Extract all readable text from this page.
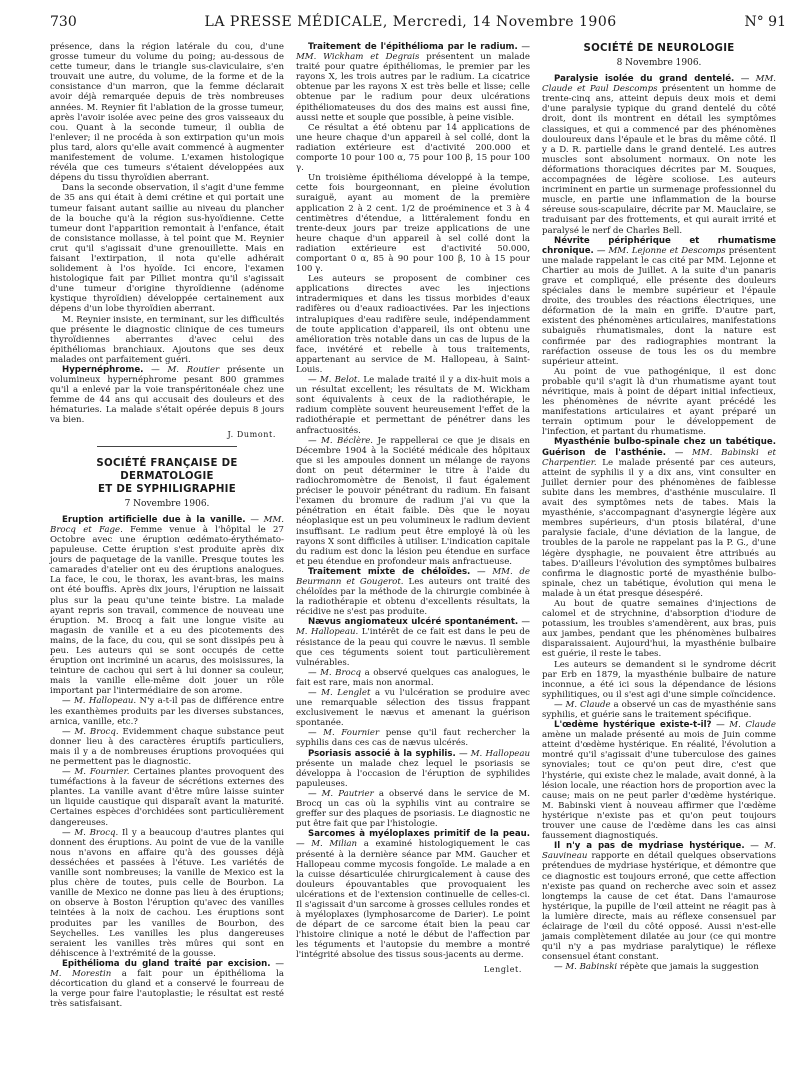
730	LA PRESSE MÉDICALE, Mercredi, 14 Novembre 1906	N° 91

présence, dans la région latérale du cou, d'une grosse tumeur du volume du poing; au-dessous de cette tumeur, dans le triangle sus-claviculaire, s'en trouvait une autre, du volume, de la forme et de la consistance d'un marron, que la femme déclarait avoir déjà remarquée depuis de très nombreuses années. M. Reynier fit l'ablation de la grosse tumeur, après l'avoir isolée avec peine des gros vaisseaux du cou. Quant à la seconde tumeur, il oublia de l'enlever; il ne procéda à son extirpation qu'un mois plus tard, alors qu'elle avait commencé à augmenter manifestement de volume. L'examen histologique révéla que ces tumeurs s'étaient développées aux dépens du tissu thyroïdien aberrant.

Dans la seconde observation, il s'agit d'une femme de 35 ans qui était à demi crétine et qui portait une tumeur faisant autant saillie au niveau du plancher de la bouche qu'à la région sus-hyoïdienne. Cette tumeur dont l'apparition remontait à l'enfance, était de consistance mollasse, à tel point que M. Reynier crut qu'il s'agissait d'une grenouillette. Mais en faisant l'extirpation, il nota qu'elle adhérait solidement à l'os hyoïde. Ici encore, l'examen histologique fait par Pilliet montra qu'il s'agissait d'une tumeur d'origine thyroïdienne (adénome kystique thyroïdien) développée certainement aux dépens d'un lobe thyroïdien aberrant.

M. Reynier insiste, en terminant, sur les difficultés que présente le diagnostic clinique de ces tumeurs thyroïdiennes aberrantes d'avec celui des épithéliomas branchiaux. Ajoutons que ses deux malades ont parfaitement guéri.

Hypernéphrome. — M. Routier présente un volumineux hypernéphrome pesant 800 grammes qu'il a enlevé par la voie transpéritonéale chez une femme de 44 ans qui accusait des douleurs et des hématuries. La malade s'était opérée depuis 8 jours va bien.

J. Dumont.
SOCIÉTÉ FRANÇAISE DE DERMATOLOGIE
ET DE SYPHILIGRAPHIE
7 Novembre 1906.

Eruption artificielle due à la vanille. — MM. Brocq et Fage. Femme venue à l'hôpital le 27 Octobre avec une éruption œdémato-érythémato-papuleuse. Cette éruption s'est produite après dix jours de paquetage de la vanille. Presque toutes les camarades d'atelier ont eu des éruptions analogues. La face, le cou, le thorax, les avant-bras, les mains ont été bouffis. Après dix jours, l'éruption ne laissait plus sur la peau qu'une teinte bistre. La malade ayant repris son travail, commence de nouveau une éruption. M. Brocq a fait une longue visite au magasin de vanille et a eu des picotements des mains, de la face, du cou, qui se sont dissipés peu à peu. Les auteurs qui se sont occupés de cette éruption ont incriminé un acarus, des moisissures, la teinture de cachou qui sert à lui donner sa couleur, mais la vanille elle-même doit jouer un rôle important par l'intermédiaire de son arome.

— M. Hallopeau. N'y a-t-il pas de différence entre les exanthèmes produits par les diverses substances, arnica, vanille, etc.?

— M. Brocq. Evidemment chaque substance peut donner lieu à des caractères éruptifs particuliers, mais il y a de nombreuses éruptions provoquées qui ne permettent pas le diagnostic.

— M. Fournier. Certaines plantes provoquent des tuméfactions à la faveur de sécrétions externes des plantes. La vanille avant d'être mûre laisse suinter un liquide caustique qui disparaît avant la maturité. Certaines espèces d'orchidées sont particulièrement dangereuses.

— M. Brocq. Il y a beaucoup d'autres plantes qui donnent des éruptions. Au point de vue de la vanille nous n'avons en affaire qu'à des gousses déjà desséchées et passées à l'étuve. Les variétés de vanille sont nombreuses; la vanille de Mexico est la plus chère de toutes, puis celle de Bourbon. La vanille de Mexico ne donne pas lieu à des éruptions; on observe à Boston l'éruption qu'avec des vanilles teintées à la noix de cachou. Les éruptions sont produites par les vanilles de Bourbon, des Seychelles. Les vanilles les plus dangereuses seraient les vanilles très mûres qui sont en déhiscence à l'extrémité de la gousse.

Epithélioma du gland traité par excision. — M. Morestin a fait pour un épithélioma la décortication du gland et a conservé le fourreau de la verge pour faire l'autoplastie; le résultat est resté très satisfaisant.

Traitement de l'épithélioma par le radium. — MM. Wickham et Degrais présentent un malade traité pour quatre épithéliomas, le premier par les rayons X, les trois autres par le radium. La cicatrice obtenue par les rayons X est très belle et lisse; celle obtenue par le radium pour deux ulcérations épithéliomateuses du dos des mains est aussi fine, aussi nette et souple que possible, à peine visible.

Ce résultat a été obtenu par 14 applications de une heure chaque d'un appareil à sel collé, dont la radiation extérieure est d'activité 200.000 et comporte 10 pour 100 α, 75 pour 100 β, 15 pour 100 γ.

Un troisième épithélioma développé à la tempe, cette fois bourgeonnant, en pleine évolution suraiguë, ayant au moment de la première application 2 à 2 cent. 1/2 de proéminence et 3 à 4 centimètres d'étendue, a littéralement fondu en trente-deux jours par treize applications de une heure chaque d'un appareil à sel collé dont la radiation extérieure est d'activité 50.000, comportant 0 α, 85 à 90 pour 100 β, 10 à 15 pour 100 γ.

Les auteurs se proposent de combiner ces applications directes avec les injections intradermiques et dans les tissus morbides d'eaux radifères ou d'eaux radioactivées. Par les injections intralupiques d'eau radifère seule, indépendamment de toute application d'appareil, ils ont obtenu une amélioration très notable dans un cas de lupus de la face, invétéré et rebelle à tous traitements, appartenant au service de M. Hallopeau, à Saint-Louis.

— M. Belot. Le malade traité il y a dix-huit mois a un résultat excellent; les résultats de M. Wickham sont équivalents à ceux de la radiothérapie, le radium complète souvent heureusement l'effet de la radiothérapie et permettant de pénétrer dans les anfractuosités.

— M. Béclère. Je rappellerai ce que je disais en Décembre 1904 à la Société médicale des hôpitaux que si les ampoules donnent un mélange de rayons dont on peut déterminer le titre à l'aide du radiochromomètre de Benoist, il faut également préciser le pouvoir pénétrant du radium. En faisant l'examen du bromure de radium j'ai vu que la pénétration en était faible. Dès que le noyau néoplasique est un peu volumineux le radium devient insuffisant. Le radium peut être employé là où les rayons X sont difficiles à utiliser. L'indication capitale du radium est donc la lésion peu étendue en surface et peu étendue en profondeur mais anfractueuse.

Traitement mixte de chéloïdes. — MM. de Beurmann et Gougerot. Les auteurs ont traité des chéloïdes par la méthode de la chirurgie combinée à la radiothérapie et obtenu d'excellents résultats, la récidive ne s'est pas produite.

Nævus angiomateux ulcéré spontanément. — M. Hallopeau. L'intérêt de ce fait est dans le peu de résistance de la peau qui couvre le nævus. Il semble que ces téguments soient tout particulièrement vulnérables.

— M. Brocq a observé quelques cas analogues, le fait est rare, mais non anormal.

— M. Lenglet a vu l'ulcération se produire avec une remarquable sélection des tissus frappant exclusivement le nævus et amenant la guérison spontanée.

— M. Fournier pense qu'il faut rechercher la syphilis dans ces cas de nævus ulcérés.

Psoriasis associé à la syphilis. — M. Hallopeau présente un malade chez lequel le psoriasis se développa à l'occasion de l'éruption de syphilides papuleuses.

— M. Pautrier a observé dans le service de M. Brocq un cas où la syphilis vint au contraire se greffer sur des plaques de psoriasis. Le diagnostic ne put être fait que par l'histologie.

Sarcomes à myéloplaxes primitif de la peau. — M. Milian a examiné histologiquement le cas présenté à la dernière séance par MM. Gaucher et Hallopeau comme mycosis fongoïde. Le malade a en la cuisse désarticulée chirurgicalement à cause des douleurs épouvantables que provoquaient les ulcérations et de l'extension continuelle de celles-ci. Il s'agissait d'un sarcome à grosses cellules rondes et à myéloplaxes (lymphosarcome de Darier). Le point de départ de ce sarcome était bien la peau car l'histoire clinique a noté le début de l'affection par les téguments et l'autopsie du membre a montré l'intégrité absolue des tissus sous-jacents au derme.

Lenglet.
SOCIÉTÉ DE NEUROLOGIE
8 Novembre 1906.

Paralysie isolée du grand dentelé. — MM. Claude et Paul Descomps présentent un homme de trente-cinq ans, atteint depuis deux mois et demi d'une paralysie typique du grand dentelé du côté droit, dont ils montrent en détail les symptômes classiques, et qui a commencé par des phénomènes douloureux dans l'épaule et le bras du même côté. Il y a D. R. partielle dans le grand dentelé. Les autres muscles sont absolument normaux. On note les déformations thoraciques décrites par M. Souques, accompagnées de légère scoliose. Les auteurs incriminent en partie un surmenage professionnel du muscle, en partie une inflammation de la bourse séreuse sous-scapulaire, décrite par M. Mauclaire, se traduisant par des frottements, et qui aurait irrité et paralysé le nerf de Charles Bell.

Névrite périphérique et rhumatisme chronique. — MM. Lejonne et Descomps présentent une malade rappelant le cas cité par MM. Lejonne et Chartier au mois de Juillet. A la suite d'un panaris grave et compliqué, elle présente des douleurs spéciales dans le membre supérieur et l'épaule droite, des troubles des réactions électriques, une déformation de la main en griffe. D'autre part, existent des phénomènes articulaires, manifestations subaiguës rhumatismales, dont la nature est confirmée par des radiographies montrant la raréfaction osseuse de tous les os du membre supérieur atteint.

Au point de vue pathogénique, il est donc probable qu'il s'agit là d'un rhumatisme ayant tout névritique, mais à point de départ initial infectieux, les phénomènes de névrite ayant précédé les manifestations articulaires et ayant préparé un terrain optimum pour le développement de l'infection, et partant du rhumatisme.

Myasthénie bulbo-spinale chez un tabétique. Guérison de l'asthénie. — MM. Babinski et Charpentier. Le malade présenté par ces auteurs, atteint de syphilis il y a dix ans, vint consulter en Juillet dernier pour des phénomènes de faiblesse subite dans les membres, d'asthénie musculaire. Il avait des symptômes nets de tabes. Mais la myasthénie, s'accompagnant d'asynergie légère aux membres supérieurs, d'un ptosis bilatéral, d'une paralysie faciale, d'une déviation de la langue, de troubles de la parole ne rappelant pas la P. G., d'une légère dysphagie, ne pouvaient être attribués au tabes. D'ailleurs l'évolution des symptômes bulbaires confirma le diagnostic porté de myasthénie bulbo-spinale, chez un tabétique, évolution qui mena le malade à un état presque désespéré.

Au bout de quatre semaines d'injections de calomel et de strychnine, d'absorption d'iodure de potassium, les troubles s'amendèrent, aux bras, puis aux jambes, pendant que les phénomènes bulbaires disparaissaient. Aujourd'hui, la myasthénie bulbaire est guérie, il reste le tabes.

Les auteurs se demandent si le syndrome décrit par Erb en 1879, la myasthénie bulbaire de nature inconnue, a été ici sous la dépendance de lésions syphilitiques, ou il s'est agi d'une simple coïncidence.

— M. Claude a observé un cas de myasthénie sans syphilis, et guérie sans le traitement spécifique.

L'œdème hystérique existe-t-il? — M. Claude amène un malade présenté au mois de Juin comme atteint d'œdème hystérique. En réalité, l'évolution a montré qu'il s'agissait d'une tuberculose des gaines synoviales; tout ce qu'on peut dire, c'est que l'hystérie, qui existe chez le malade, avait donné, à la lésion locale, une réaction hors de proportion avec la cause; mais on ne peut parler d'œdème hystérique. M. Babinski vient à nouveau affirmer que l'œdème hystérique n'existe pas et qu'on peut toujours trouver une cause de l'œdème dans les cas ainsi faussement diagnostiqués.

Il n'y a pas de mydriase hystérique. — M. Sauvineau rapporte en détail quelques observations prétendues de mydriase hystérique, et démontre que ce diagnostic est toujours erroné, que cette affection n'existe pas quand on recherche avec soin et assez longtemps la cause de cet état. Dans l'amaurose hystérique, la pupille de l'œil atteint ne réagit pas à la lumière directe, mais au réflexe consensuel par éclairage de l'œil du côté opposé. Aussi n'est-elle jamais complètement dilatée au jour (ce qui montre qu'il n'y a pas mydriase paralytique) le réflexe consensuel étant constant.

— M. Babinski répète que jamais la suggestion
